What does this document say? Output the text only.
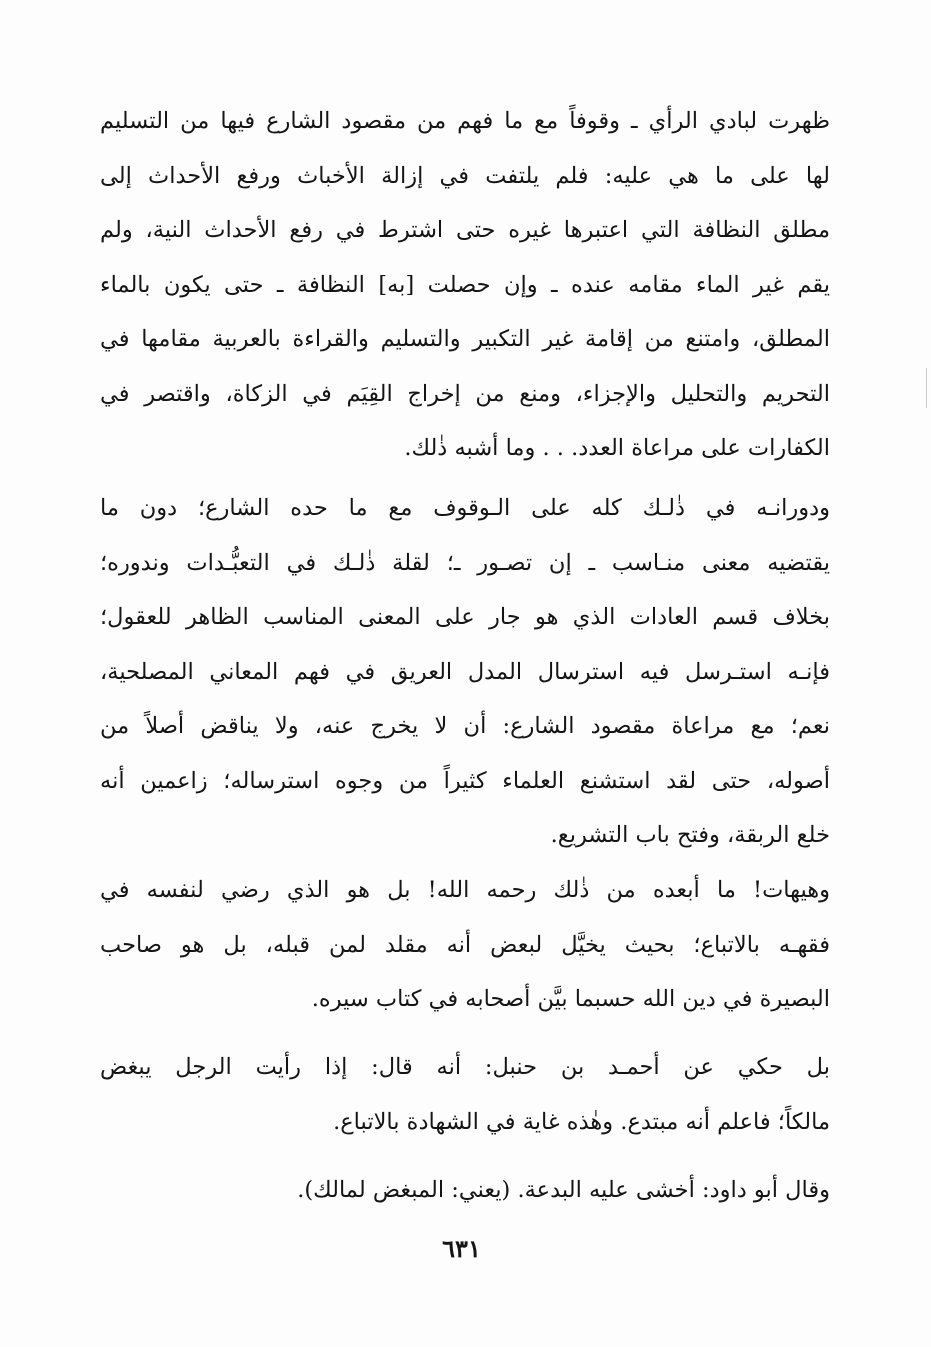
ظهرت لبادي الرأي ـ وقوفاً مع ما فهم من مقصود الشارع فيها من التسليم
لها على ما هي عليه: فلم يلتفت في إزالة الأخباث ورفع الأحداث إلى
مطلق النظافة التي اعتبرها غيره حتى اشترط في رفع الأحداث النية، ولم
يقم غير الماء مقامه عنده ـ وإن حصلت [به] النظافة ـ حتى يكون بالماء
المطلق، وامتنع من إقامة غير التكبير والتسليم والقراءة بالعربية مقامها في
التحريم والتحليل والإجزاء، ومنع من إخراج القِيَم في الزكاة، واقتصر في
الكفارات على مراعاة العدد. . . وما أشبه ذٰلك.
ودورانـه في ذٰلـك كله على الـوقوف مع ما حده الشارع؛ دون ما
يقتضيه معنى منـاسب ـ إن تصـور ـ؛ لقلة ذٰلـك في التعبُّـدات وندوره؛
بخلاف قسم العادات الذي هو جار على المعنى المناسب الظاهر للعقول؛
فإنـه استـرسل فيه استرسال المدل العريق في فهم المعاني المصلحية،
نعم؛ مع مراعاة مقصود الشارع: أن لا يخرج عنه، ولا يناقض أصلاً من
أصوله، حتى لقد استشنع العلماء كثيراً من وجوه استرساله؛ زاعمين أنه
خلع الربقة، وفتح باب التشريع.
وهيهات! ما أبعده من ذٰلك رحمه الله! بل هو الذي رضي لنفسه في
فقهـه بالاتباع؛ بحيث يخيَّل لبعض أنه مقلد لمن قبله، بل هو صاحب
البصيرة في دين الله حسبما بيَّن أصحابه في كتاب سيره.
بل حكي عن أحمـد بن حنبل: أنه قال: إذا رأيت الرجل يبغض
مالكاً؛ فاعلم أنه مبتدع. وهٰذه غاية في الشهادة بالاتباع.
وقال أبو داود: أخشى عليه البدعة. (يعني: المبغض لمالك).
٦٣١
